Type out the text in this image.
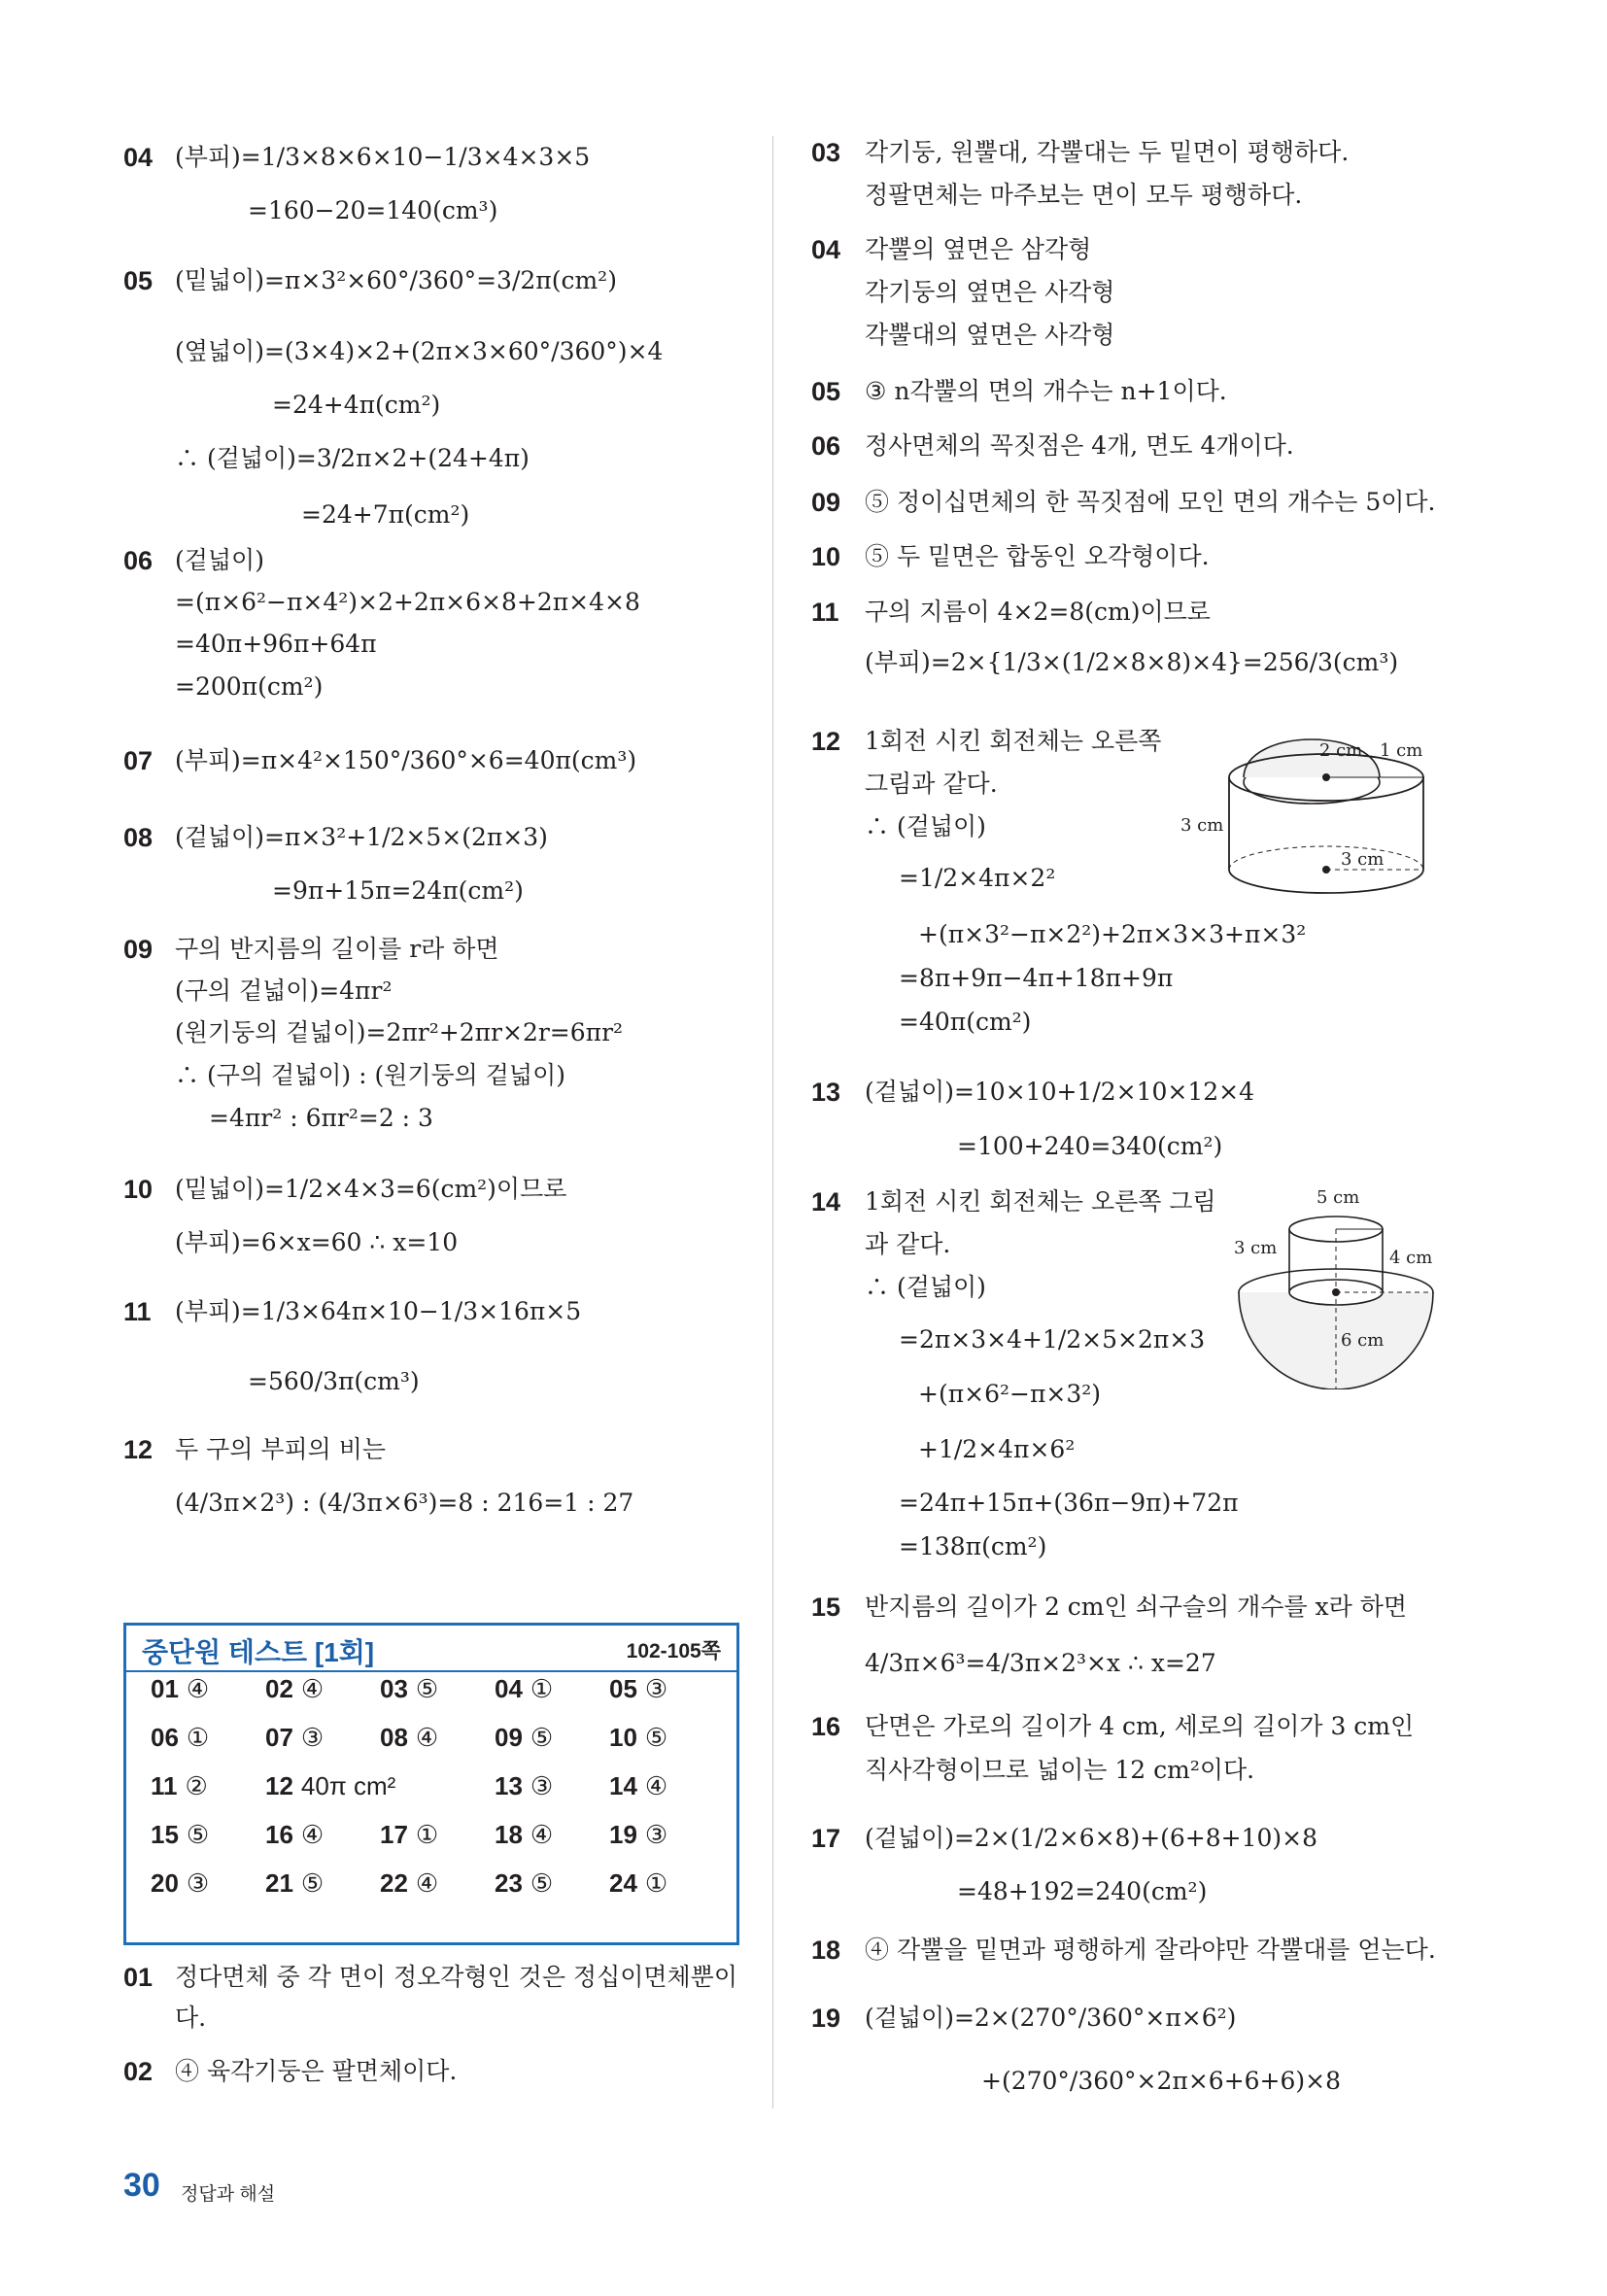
04 (부피)=1/3×8×6×10−1/3×4×3×5
=160−20=140(cm³)
05 (밑넓이)=π×3²×60°/360°=3/2π(cm²)
(옆넓이)=(3×4)×2+(2π×3×60°/360°)×4
=24+4π(cm²)
∴ (겉넓이)=3/2π×2+(24+4π)
=24+7π(cm²)
06 (겉넓이)
=(π×6²−π×4²)×2+2π×6×8+2π×4×8
=40π+96π+64π
=200π(cm²)
07 (부피)=π×4²×150°/360°×6=40π(cm³)
08 (겉넓이)=π×3²+1/2×5×(2π×3)
=9π+15π=24π(cm²)
09 구의 반지름의 길이를 r라 하면
(구의 겉넓이)=4πr²
(원기둥의 겉넓이)=2πr²+2πr×2r=6πr²
∴ (구의 겉넓이) : (원기둥의 겉넓이)
=4πr² : 6πr²=2 : 3
10 (밑넓이)=1/2×4×3=6(cm²)이므로
(부피)=6×x=60 ∴ x=10
11 (부피)=1/3×64π×10−1/3×16π×5
=560/3π(cm³)
12 두 구의 부피의 비는
(4/3π×2³) : (4/3π×6³)=8 : 216=1 : 27
중단원 테스트 [1회]	102-105쪽
01 ④ 02 ④ 03 ⑤ 04 ① 05 ③
06 ① 07 ③ 08 ④ 09 ⑤ 10 ⑤
11 ② 12 40π cm²	13 ③ 14 ④
15 ⑤ 16 ④ 17 ① 18 ④ 19 ③
20 ③ 21 ⑤ 22 ④ 23 ⑤ 24 ①
01 정다면체 중 각 면이 정오각형인 것은 정십이면체뿐이
다.
02 ④ 육각기둥은 팔면체이다.
03 각기둥, 원뿔대, 각뿔대는 두 밑면이 평행하다.
정팔면체는 마주보는 면이 모두 평행하다.
04 각뿔의 옆면은 삼각형
각기둥의 옆면은 사각형
각뿔대의 옆면은 사각형
05 ③ n각뿔의 면의 개수는 n+1이다.
06 정사면체의 꼭짓점은 4개, 면도 4개이다.
09 ⑤ 정이십면체의 한 꼭짓점에 모인 면의 개수는 5이다.
10 ⑤ 두 밑면은 합동인 오각형이다.
11 구의 지름이 4×2=8(cm)이므로
(부피)=2×{1/3×(1/2×8×8)×4}=256/3(cm³)
12 1회전 시킨 회전체는 오른쪽
그림과 같다.
∴ (겉넓이)
=1/2×4π×2²
+(π×3²−π×2²)+2π×3×3+π×3²
=8π+9π−4π+18π+9π
=40π(cm²)
2 cm 1 cm
3 cm
3 cm
13 (겉넓이)=10×10+1/2×10×12×4
=100+240=340(cm²)
14 1회전 시킨 회전체는 오른쪽 그림
과 같다.
∴ (겉넓이)
=2π×3×4+1/2×5×2π×3
+(π×6²−π×3²)
+1/2×4π×6²
=24π+15π+(36π−9π)+72π
=138π(cm²)
5 cm
3 cm	4 cm
6 cm
15 반지름의 길이가 2 cm인 쇠구슬의 개수를 x라 하면
4/3π×6³=4/3π×2³×x ∴ x=27
16 단면은 가로의 길이가 4 cm, 세로의 길이가 3 cm인
직사각형이므로 넓이는 12 cm²이다.
17 (겉넓이)=2×(1/2×6×8)+(6+8+10)×8
=48+192=240(cm²)
18 ④ 각뿔을 밑면과 평행하게 잘라야만 각뿔대를 얻는다.
19 (겉넓이)=2×(270°/360°×π×6²)
+(270°/360°×2π×6+6+6)×8
30 정답과 해설
